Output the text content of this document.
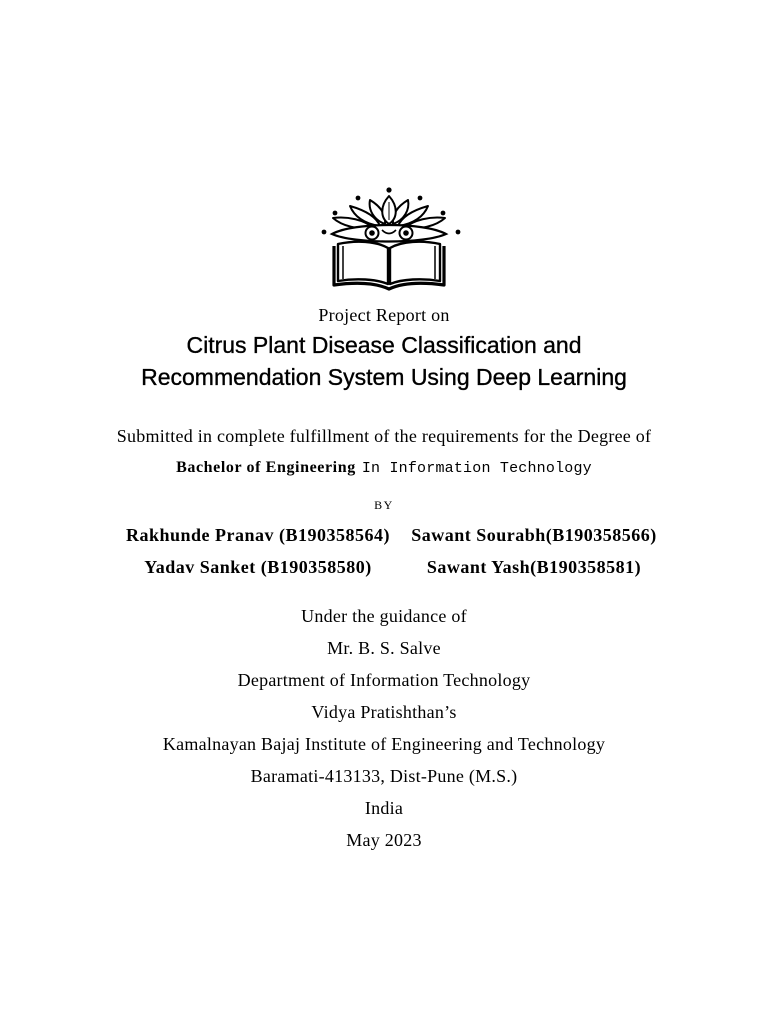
Project Report on
Citrus Plant Disease Classification and
Recommendation System Using Deep Learning
Submitted in complete fulfillment of the requirements for the Degree of
Bachelor of Engineering In Information Technology
BY
Rakhunde Pranav (B190358564)	Sawant Sourabh(B190358566)
Yadav Sanket (B190358580)	Sawant Yash(B190358581)
Under the guidance of
Mr. B. S. Salve
Department of Information Technology
Vidya Pratishthan’s
Kamalnayan Bajaj Institute of Engineering and Technology
Baramati-413133, Dist-Pune (M.S.)
India
May 2023
